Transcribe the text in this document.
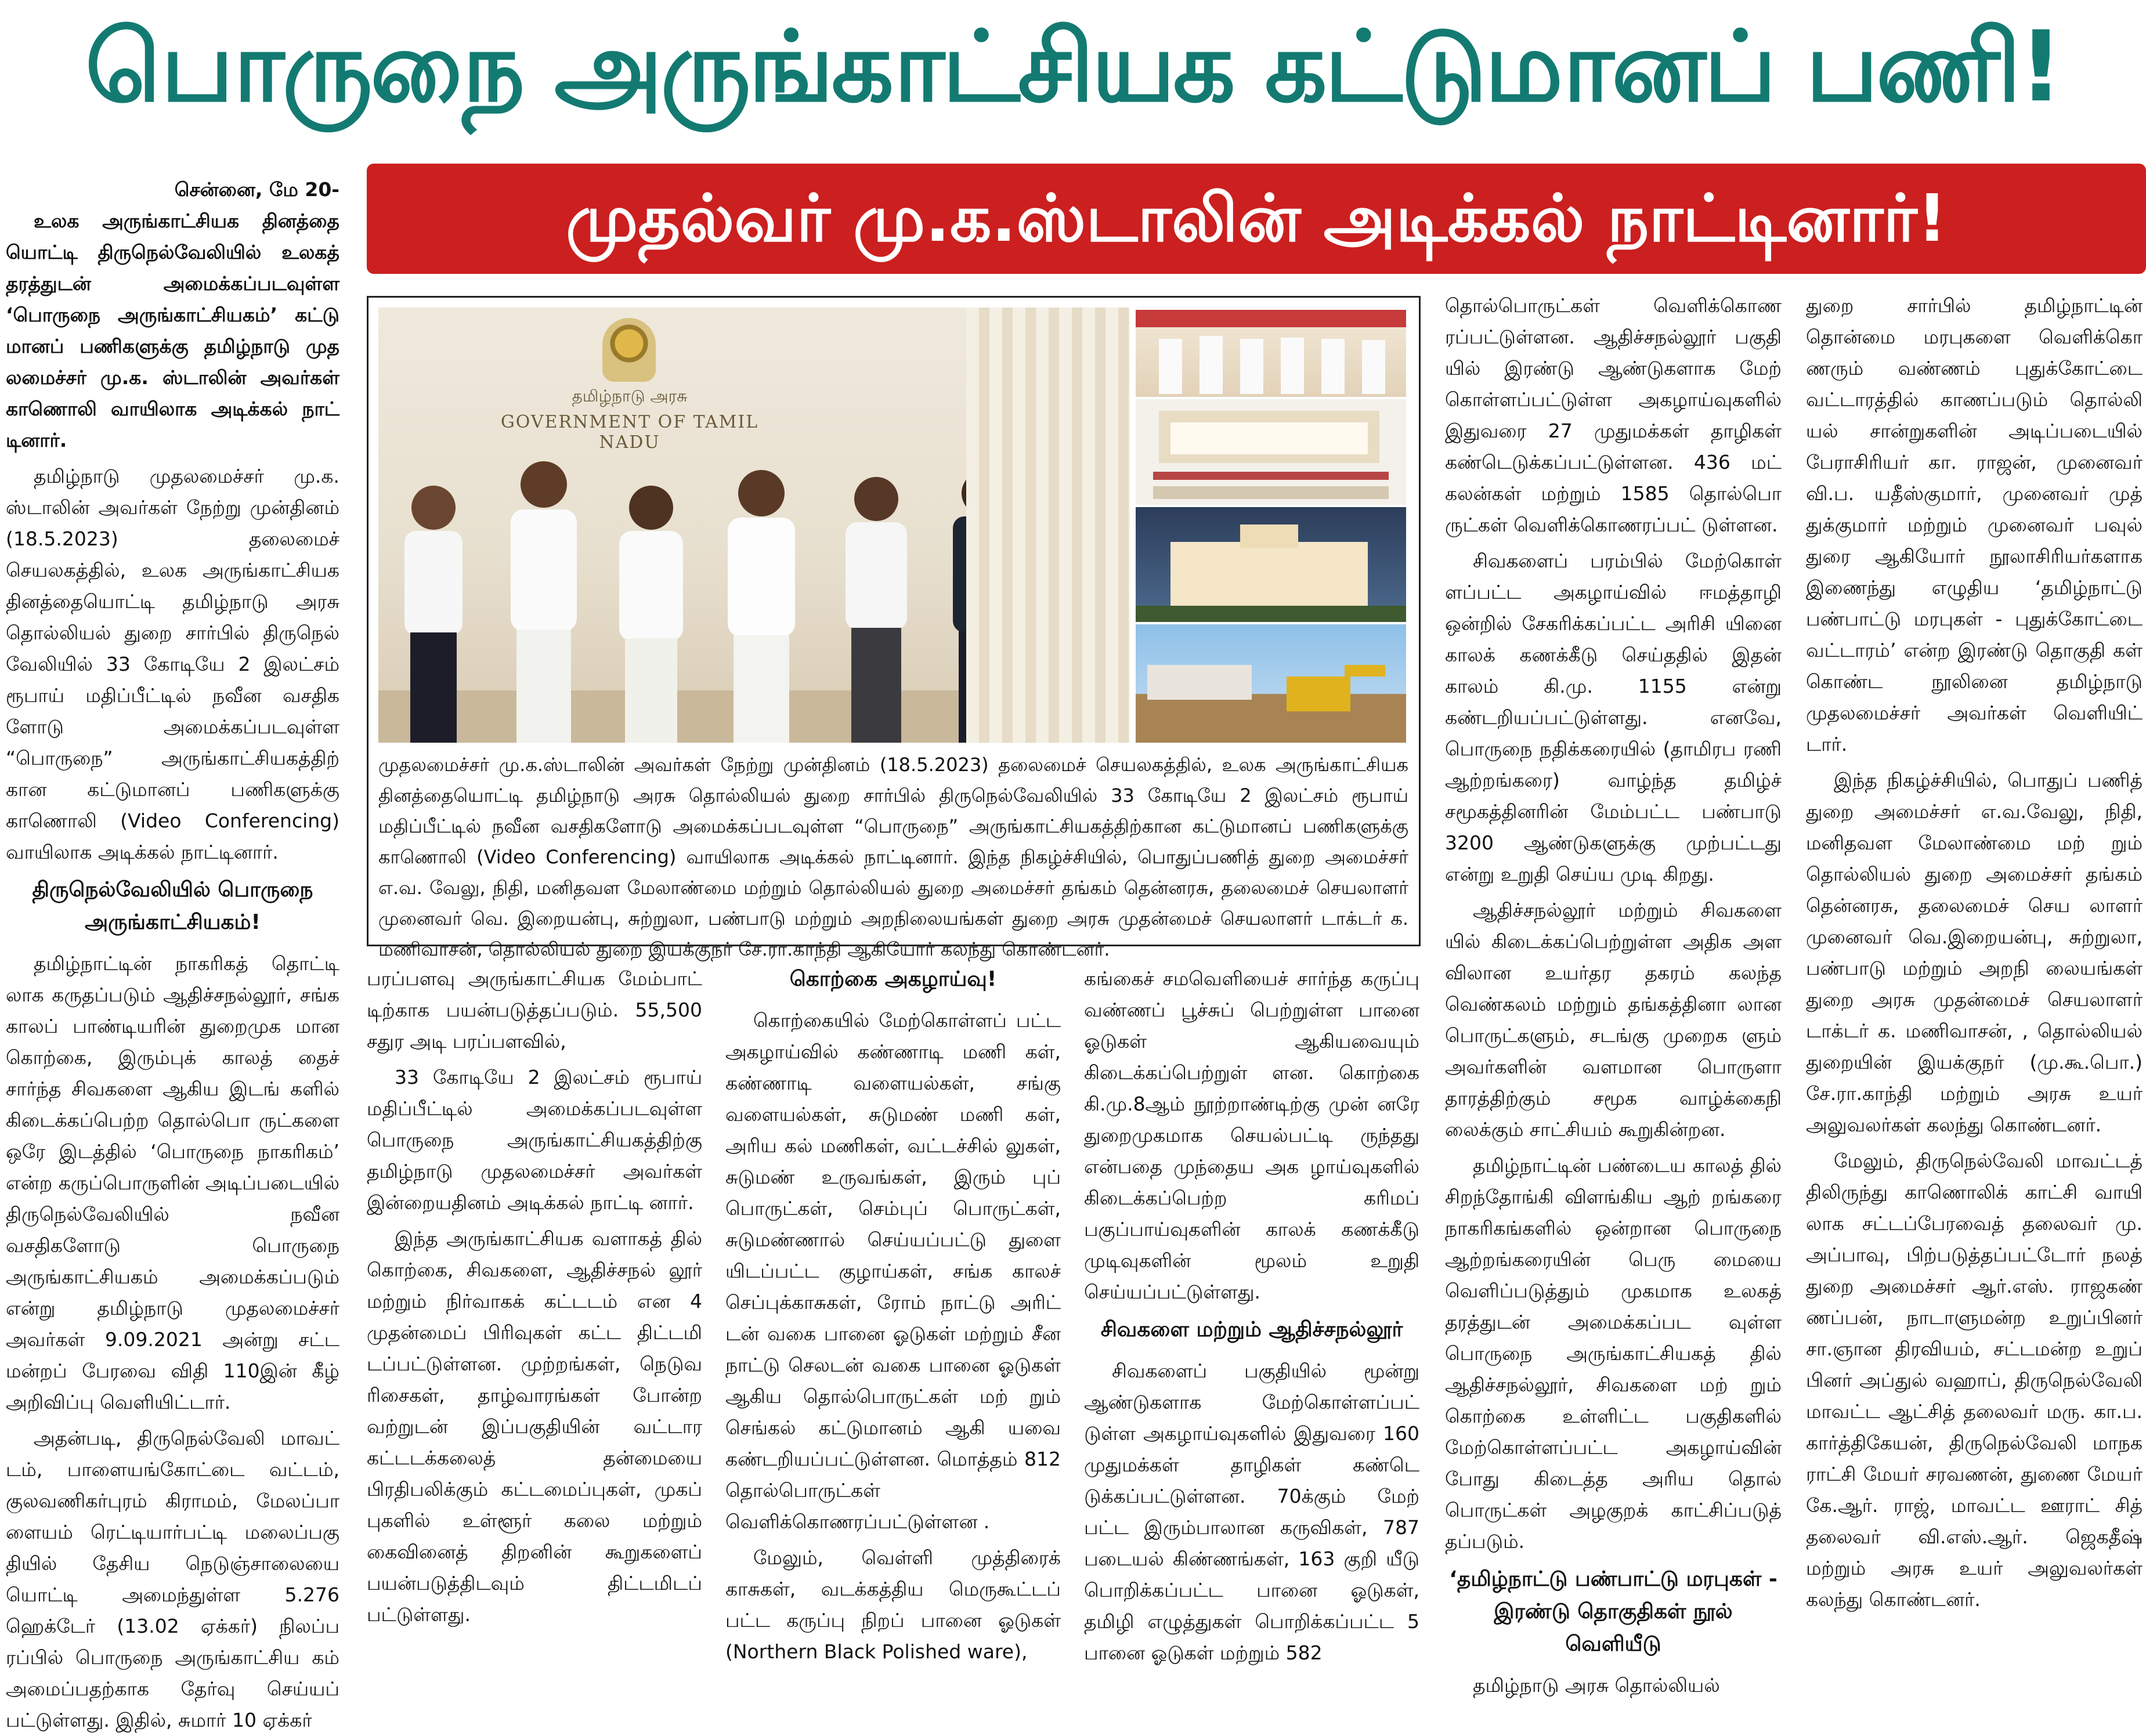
பொருநை அருங்காட்சியக கட்டுமானப் பணி!
சென்னை, மே 20-

உலக அருங்காட்சியக தினத்தை யொட்டி திருநெல்வேலியில் உலகத் தரத்துடன் அமைக்கப்படவுள்ள ‘பொருநை அருங்காட்சியகம்’ கட்டு மானப் பணிகளுக்கு தமிழ்நாடு முத லமைச்சர் மு.க. ஸ்டாலின் அவர்கள் காணொலி வாயிலாக அடிக்கல் நாட் டினார்.

தமிழ்நாடு முதலமைச்சர் மு.க. ஸ்டாலின் அவர்கள் நேற்று முன்தினம் (18.5.2023) தலைமைச் செயலகத்தில், உலக அருங்காட்சியக தினத்தையொட்டி தமிழ்நாடு அரசு தொல்லியல் துறை சார்பில் திருநெல் வேலியில் 33 கோடியே 2 இலட்சம் ரூபாய் மதிப்பீட்டில் நவீன வசதிக ளோடு அமைக்கப்படவுள்ள “பொருநை” அருங்காட்சியகத்திற் கான கட்டுமானப் பணிகளுக்கு காணொலி (Video Conferencing) வாயிலாக அடிக்கல் நாட்டினார்.

திருநெல்வேலியில் பொருநை அருங்காட்சியகம்!

தமிழ்நாட்டின் நாகரிகத் தொட்டி லாக கருதப்படும் ஆதிச்சநல்லூர், சங்க காலப் பாண்டியரின் துறைமுக மான கொற்கை, இரும்புக் காலத் தைச் சார்ந்த சிவகளை ஆகிய இடங் களில் கிடைக்கப்பெற்ற தொல்பொ ருட்களை ஒரே இடத்தில் ‘பொருநை நாகரிகம்’ என்ற கருப்பொருளின் அடிப்படையில் திருநெல்வேலியில் நவீன வசதிகளோடு பொருநை அருங்காட்சியகம் அமைக்கப்படும் என்று தமிழ்நாடு முதலமைச்சர் அவர்கள் 9.09.2021 அன்று சட்ட மன்றப் பேரவை விதி 110இன் கீழ் அறிவிப்பு வெளியிட்டார்.

அதன்படி, திருநெல்வேலி மாவட் டம், பாளையங்கோட்டை வட்டம், குலவணிகர்புரம் கிராமம், மேலப்பா ளையம் ரெட்டியார்பட்டி மலைப்பகு தியில் தேசிய நெடுஞ்சாலையை யொட்டி அமைந்துள்ள 5.276 ஹெக்டேர் (13.02 ஏக்கர்) நிலப்ப ரப்பில் பொருநை அருங்காட்சிய கம் அமைப்பதற்காக தேர்வு செய்யப் பட்டுள்ளது. இதில், சுமார் 10 ஏக்கர்

முதல்வர் மு.க.ஸ்டாலின் அடிக்கல் நாட்டினார்!
தமிழ்நாடு அரசு
GOVERNMENT OF TAMIL NADU
முதலமைச்சர் மு.க.ஸ்டாலின் அவர்கள் நேற்று முன்தினம் (18.5.2023) தலைமைச் செயலகத்தில், உலக அருங்காட்சியக தினத்தையொட்டி தமிழ்நாடு அரசு தொல்லியல் துறை சார்பில் திருநெல்வேலியில் 33 கோடியே 2 இலட்சம் ரூபாய் மதிப்பீட்டில் நவீன வசதிகளோடு அமைக்கப்படவுள்ள “பொருநை” அருங்காட்சியகத்திற்கான கட்டுமானப் பணிகளுக்கு காணொலி (Video Conferencing) வாயிலாக அடிக்கல் நாட்டினார். இந்த நிகழ்ச்சியில், பொதுப்பணித் துறை அமைச்சர் எ.வ. வேலு, நிதி, மனிதவள மேலாண்மை மற்றும் தொல்லியல் துறை அமைச்சர் தங்கம் தென்னரசு, தலைமைச் செயலாளர் முனைவர் வெ. இறையன்பு, சுற்றுலா, பண்பாடு மற்றும் அறநிலையங்கள் துறை அரசு முதன்மைச் செயலாளர் டாக்டர் க. மணிவாசன், தொல்லியல் துறை இயக்குநர் சே.ரா.காந்தி ஆகியோர் கலந்து கொண்டனர்.

பரப்பளவு அருங்காட்சியக மேம்பாட் டிற்காக பயன்படுத்தப்படும். 55,500 சதுர அடி பரப்பளவில்,

33 கோடியே 2 இலட்சம் ரூபாய் மதிப்பீட்டில் அமைக்கப்படவுள்ள பொருநை அருங்காட்சியகத்திற்கு தமிழ்நாடு முதலமைச்சர் அவர்கள் இன்றையதினம் அடிக்கல் நாட்டி னார்.

இந்த அருங்காட்சியக வளாகத் தில் கொற்கை, சிவகளை, ஆதிச்சநல் லூர் மற்றும் நிர்வாகக் கட்டடம் என 4 முதன்மைப் பிரிவுகள் கட்ட திட்டமி டப்பட்டுள்ளன. முற்றங்கள், நெடுவ ரிசைகள், தாழ்வாரங்கள் போன்ற வற்றுடன் இப்பகுதியின் வட்டார கட்டடக்கலைத் தன்மையை பிரதிபலிக்கும் கட்டமைப்புகள், முகப் புகளில் உள்ளூர் கலை மற்றும் கைவினைத் திறனின் கூறுகளைப் பயன்படுத்திடவும் திட்டமிடப் பட்டுள்ளது.

கொற்கை அகழாய்வு!

கொற்கையில் மேற்கொள்ளப் பட்ட அகழாய்வில் கண்ணாடி மணி கள், கண்ணாடி வளையல்கள், சங்கு வளையல்கள், சுடுமண் மணி கள், அரிய கல் மணிகள், வட்டச்சில் லுகள், சுடுமண் உருவங்கள், இரும் புப் பொருட்கள், செம்புப் பொருட்கள், சுடுமண்ணால் செய்யப்பட்டு துளை யிடப்பட்ட குழாய்கள், சங்க காலச் செப்புக்காசுகள், ரோம் நாட்டு அரிட் டன் வகை பானை ஓடுகள் மற்றும் சீன நாட்டு செலடன் வகை பானை ஓடுகள் ஆகிய தொல்பொருட்கள் மற் றும் செங்கல் கட்டுமானம் ஆகி யவை கண்டறியப்பட்டுள்ளன. மொத்தம் 812 தொல்பொருட்கள் வெளிக்கொணரப்பட்டுள்ளன .

மேலும், வெள்ளி முத்திரைக் காசுகள், வடக்கத்திய மெருகூட்டப் பட்ட கருப்பு நிறப் பானை ஓடுகள் (Northern Black Polished ware),

கங்கைச் சமவெளியைச் சார்ந்த கருப்பு வண்ணப் பூச்சுப் பெற்றுள்ள பானை ஓடுகள் ஆகியவையும் கிடைக்கப்பெற்றுள் ளன. கொற்கை கி.மு.8ஆம் நூற்றாண்டிற்கு முன் னரே துறைமுகமாக செயல்பட்டி ருந்தது என்பதை முந்தைய அக ழாய்வுகளில் கிடைக்கப்பெற்ற கரிமப் பகுப்பாய்வுகளின் காலக் கணக்கீடு முடிவுகளின் மூலம் உறுதி செய்யப்பட்டுள்ளது.

சிவகளை மற்றும் ஆதிச்சநல்லூர்

சிவகளைப் பகுதியில் மூன்று ஆண்டுகளாக மேற்கொள்ளப்பட் டுள்ள அகழாய்வுகளில் இதுவரை 160 முதுமக்கள் தாழிகள் கண்டெ டுக்கப்பட்டுள்ளன. 70க்கும் மேற் பட்ட இரும்பாலான கருவிகள், 787 படையல் கிண்ணங்கள், 163 குறி யீடு பொறிக்கப்பட்ட பானை ஓடுகள், தமிழி எழுத்துகள் பொறிக்கப்பட்ட 5 பானை ஓடுகள் மற்றும் 582

தொல்பொருட்கள் வெளிக்கொண ரப்பட்டுள்ளன. ஆதிச்சநல்லூர் பகுதி யில் இரண்டு ஆண்டுகளாக மேற் கொள்ளப்பட்டுள்ள அகழாய்வுகளில் இதுவரை 27 முதுமக்கள் தாழிகள் கண்டெடுக்கப்பட்டுள்ளன. 436 மட் கலன்கள் மற்றும் 1585 தொல்பொ ருட்கள் வெளிக்கொணரப்பட் டுள்ளன.

சிவகளைப் பரம்பில் மேற்கொள் ளப்பட்ட அகழாய்வில் ஈமத்தாழி ஒன்றில் சேகரிக்கப்பட்ட அரிசி யினை காலக் கணக்கீடு செய்ததில் இதன் காலம் கி.மு. 1155 என்று கண்டறியப்பட்டுள்ளது. எனவே, பொருநை நதிக்கரையில் (தாமிரப ரணி ஆற்றங்கரை) வாழ்ந்த தமிழ்ச் சமூகத்தினரின் மேம்பட்ட பண்பாடு 3200 ஆண்டுகளுக்கு முற்பட்டது என்று உறுதி செய்ய முடி கிறது.

ஆதிச்சநல்லூர் மற்றும் சிவகளை யில் கிடைக்கப்பெற்றுள்ள அதிக அள விலான உயர்தர தகரம் கலந்த வெண்கலம் மற்றும் தங்கத்தினா லான பொருட்களும், சடங்கு முறைக ளும் அவர்களின் வளமான பொருளா தாரத்திற்கும் சமூக வாழ்க்கைநி லைக்கும் சாட்சியம் கூறுகின்றன.

தமிழ்நாட்டின் பண்டைய காலத் தில் சிறந்தோங்கி விளங்கிய ஆற் றங்கரை நாகரிகங்களில் ஒன்றான பொருநை ஆற்றங்கரையின் பெரு மையை வெளிப்படுத்தும் முகமாக உலகத் தரத்துடன் அமைக்கப்பட வுள்ள பொருநை அருங்காட்சியகத் தில் ஆதிச்சநல்லூர், சிவகளை மற் றும் கொற்கை உள்ளிட்ட பகுதிகளில் மேற்கொள்ளப்பட்ட அகழாய்வின் போது கிடைத்த அரிய தொல் பொருட்கள் அழகுறக் காட்சிப்படுத் தப்படும்.

‘தமிழ்நாட்டு பண்பாட்டு மரபுகள் - இரண்டு தொகுதிகள் நூல் வெளியீடு

தமிழ்நாடு அரசு தொல்லியல்

துறை சார்பில் தமிழ்நாட்டின் தொன்மை மரபுகளை வெளிக்கொ ணரும் வண்ணம் புதுக்கோட்டை வட்டாரத்தில் காணப்படும் தொல்லி யல் சான்றுகளின் அடிப்படையில் பேராசிரியர் கா. ராஜன், முனைவர் வி.ப. யதீஸ்குமார், முனைவர் முத் துக்குமார் மற்றும் முனைவர் பவுல் துரை ஆகியோர் நூலாசிரியர்களாக இணைந்து எழுதிய ‘தமிழ்நாட்டு பண்பாட்டு மரபுகள் - புதுக்கோட்டை வட்டாரம்’ என்ற இரண்டு தொகுதி கள் கொண்ட நூலினை தமிழ்நாடு முதலமைச்சர் அவர்கள் வெளியிட் டார்.

இந்த நிகழ்ச்சியில், பொதுப் பணித் துறை அமைச்சர் எ.வ.வேலு, நிதி, மனிதவள மேலாண்மை மற் றும் தொல்லியல் துறை அமைச்சர் தங்கம் தென்னரசு, தலைமைச் செய லாளர் முனைவர் வெ.இறையன்பு, சுற்றுலா, பண்பாடு மற்றும் அறநி லையங்கள் துறை அரசு முதன்மைச் செயலாளர் டாக்டர் க. மணிவாசன், , தொல்லியல் துறையின் இயக்குநர் (மு.கூ.பொ.) சே.ரா.காந்தி மற்றும் அரசு உயர் அலுவலர்கள் கலந்து கொண்டனர்.

மேலும், திருநெல்வேலி மாவட்டத் திலிருந்து காணொலிக் காட்சி வாயி லாக சட்டப்பேரவைத் தலைவர் மு. அப்பாவு, பிற்படுத்தப்பட்டோர் நலத் துறை அமைச்சர் ஆர்.எஸ். ராஜகண் ணப்பன், நாடாளுமன்ற உறுப்பினர் சா.ஞான திரவியம், சட்டமன்ற உறுப் பினர் அப்துல் வஹாப், திருநெல்வேலி மாவட்ட ஆட்சித் தலைவர் மரு. கா.ப. கார்த்திகேயன், திருநெல்வேலி மாநக ராட்சி மேயர் சரவணன், துணை மேயர் கே.ஆர். ராஜ், மாவட்ட ஊராட் சித் தலைவர் வி.எஸ்.ஆர். ஜெகதீஷ் மற்றும் அரசு உயர் அலுவலர்கள் கலந்து கொண்டனர்.
